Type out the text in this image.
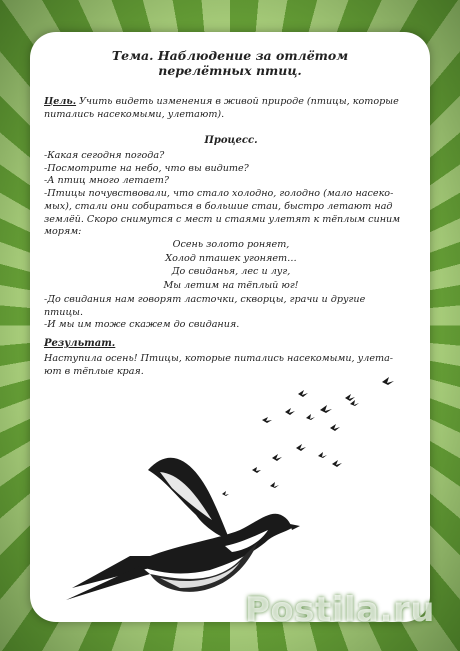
Тема. Наблюдение за отлётом
перелётных птиц.

Цель. Учить видеть изменения в живой природе (птицы, которые питались насекомыми, улетают).

Процесс.

-Какая сегодня погода?
-Посмотрите на небо, что вы видите?
-А птиц много летает?
-Птицы почувствовали, что стало холодно, голодно (мало насеко-
мых), стали они собираться в большие стаи, быстро летают над
землёй. Скоро снимутся с мест и стаями улетят к тёплым синим
морям:
Осень золото роняет,
Холод пташек угоняет…
До свиданья, лес и луг,
Мы летим на тёплый юг!
-До свидания нам говорят ласточки, скворцы, грачи и другие
птицы.
-И мы им тоже скажем до свидания.

Результат.

Наступила осень! Птицы, которые питались насекомыми, улета-
ют в тёплые края.
Postila.ru
